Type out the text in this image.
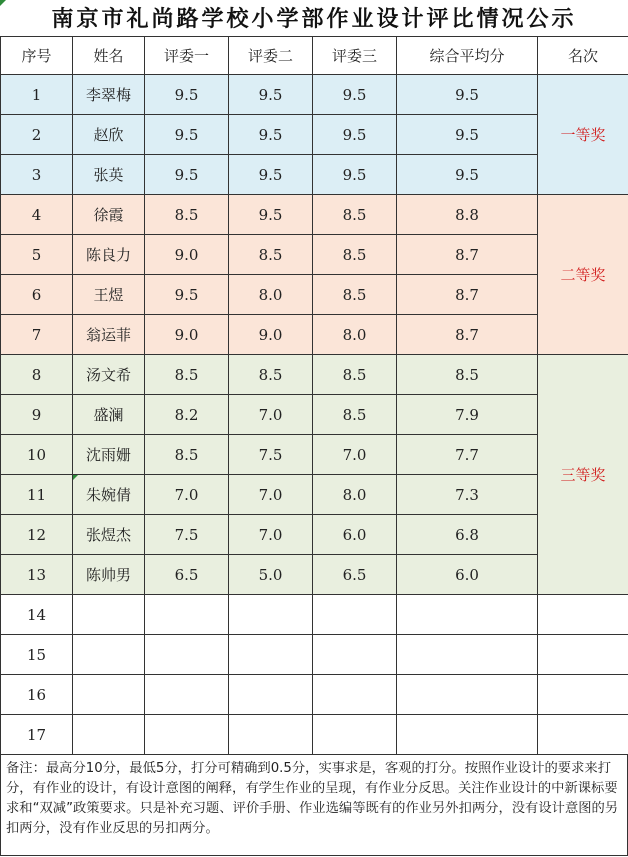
南京市礼尚路学校小学部作业设计评比情况公示
序号	姓名	评委一	评委二	评委三	综合平均分	名次
1	李翠梅	9.5	9.5	9.5	9.5	一等奖
2	赵欣	9.5	9.5	9.5	9.5	
3	张英	9.5	9.5	9.5	9.5	
4	徐霞	8.5	9.5	8.5	8.8	二等奖
5	陈良力	9.0	8.5	8.5	8.7	
6	王煜	9.5	8.0	8.5	8.7	
7	翁运菲	9.0	9.0	8.0	8.7	
8	汤文希	8.5	8.5	8.5	8.5	三等奖
9	盛澜	8.2	7.0	8.5	7.9	
10	沈雨姗	8.5	7.5	7.0	7.7	
11	朱婉倩	7.0	7.0	8.0	7.3	
12	张煜杰	7.5	7.0	6.0	6.8	
13	陈帅男	6.5	5.0	6.5	6.0	
14						
15						
16						
17						
备注：最高分10分，最低5分，打分可精确到0.5分，实事求是，客观的打分。按照作业设计的要求来打分，有作业的设计，有设计意图的阐释，有学生作业的呈现，有作业分反思。关注作业设计的中新课标要求和“双减”政策要求。只是补充习题、评价手册、作业选编等既有的作业另外扣两分，没有设计意图的另扣两分，没有作业反思的另扣两分。
